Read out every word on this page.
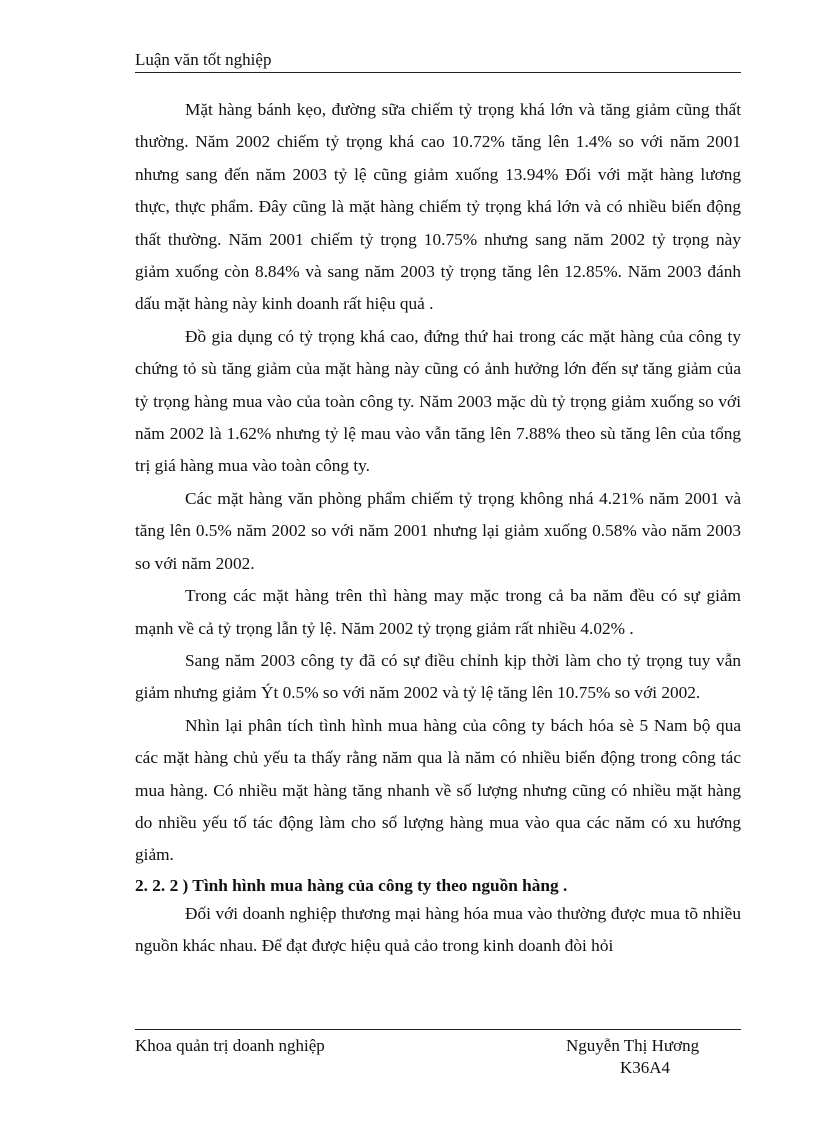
Luận văn tốt nghiệp

Mặt hàng bánh kẹo, đường sữa chiếm tỷ trọng khá lớn và tăng giảm cũng thất thường. Năm 2002 chiếm tỷ trọng khá cao 10.72% tăng lên 1.4% so với năm 2001 nhưng sang đến năm 2003 tỷ lệ cũng giảm xuống 13.94% Đối với mặt hàng lương thực, thực phẩm. Đây cũng là mặt hàng chiếm tỷ trọng khá lớn và có nhiều biến động thất thường. Năm 2001 chiếm tỷ trọng 10.75% nhưng sang năm 2002 tỷ trọng này giảm xuống còn 8.84% và sang năm 2003 tỷ trọng tăng lên 12.85%. Năm 2003 đánh dấu mặt hàng này kinh doanh rất hiệu quả .

Đồ gia dụng có tỷ trọng khá cao, đứng thứ hai trong các mặt hàng của công ty chứng tỏ sù tăng giảm của mặt hàng này cũng có ảnh hưởng lớn đến sự tăng giảm của tỷ trọng hàng mua vào của toàn công ty. Năm 2003 mặc dù tỷ trọng giảm xuống so với năm 2002 là 1.62% nhưng tỷ lệ mau vào vẫn tăng lên 7.88% theo sù tăng lên của tổng trị giá hàng mua vào toàn công ty.

Các mặt hàng văn phòng phẩm chiếm tỷ trọng không nhá 4.21% năm 2001 và tăng lên 0.5% năm 2002 so với năm 2001 nhưng lại giảm xuống 0.58% vào năm 2003 so với năm 2002.

Trong các mặt hàng trên thì hàng may mặc trong cả ba năm đều có sự giảm mạnh về cả tỷ trọng lẫn tỷ lệ. Năm 2002 tỷ trọng giảm rất nhiều 4.02% .

Sang năm 2003 công ty đã có sự điều chỉnh kịp thời làm cho tỷ trọng tuy vẫn giảm nhưng giảm Ýt 0.5% so với năm 2002 và tỷ lệ tăng lên 10.75% so với 2002.

Nhìn lại phân tích tình hình mua hàng của công ty bách hóa sè 5 Nam bộ qua các mặt hàng chủ yếu ta thấy rằng năm qua là năm có nhiều biến động trong công tác mua hàng. Có nhiều mặt hàng tăng nhanh về số lượng nhưng cũng có nhiều mặt hàng do nhiều yếu tố tác động làm cho số lượng hàng mua vào qua các năm có xu hướng giảm.

2. 2. 2 ) Tình hình mua hàng của công ty theo nguồn hàng .

Đối với doanh nghiệp thương mại hàng hóa mua vào thường được mua tõ nhiều nguồn khác nhau. Để đạt được hiệu quả cảo trong kinh doanh đòi hỏi

Khoa quản trị doanh nghiệp	Nguyễn Thị Hương
K36A4
